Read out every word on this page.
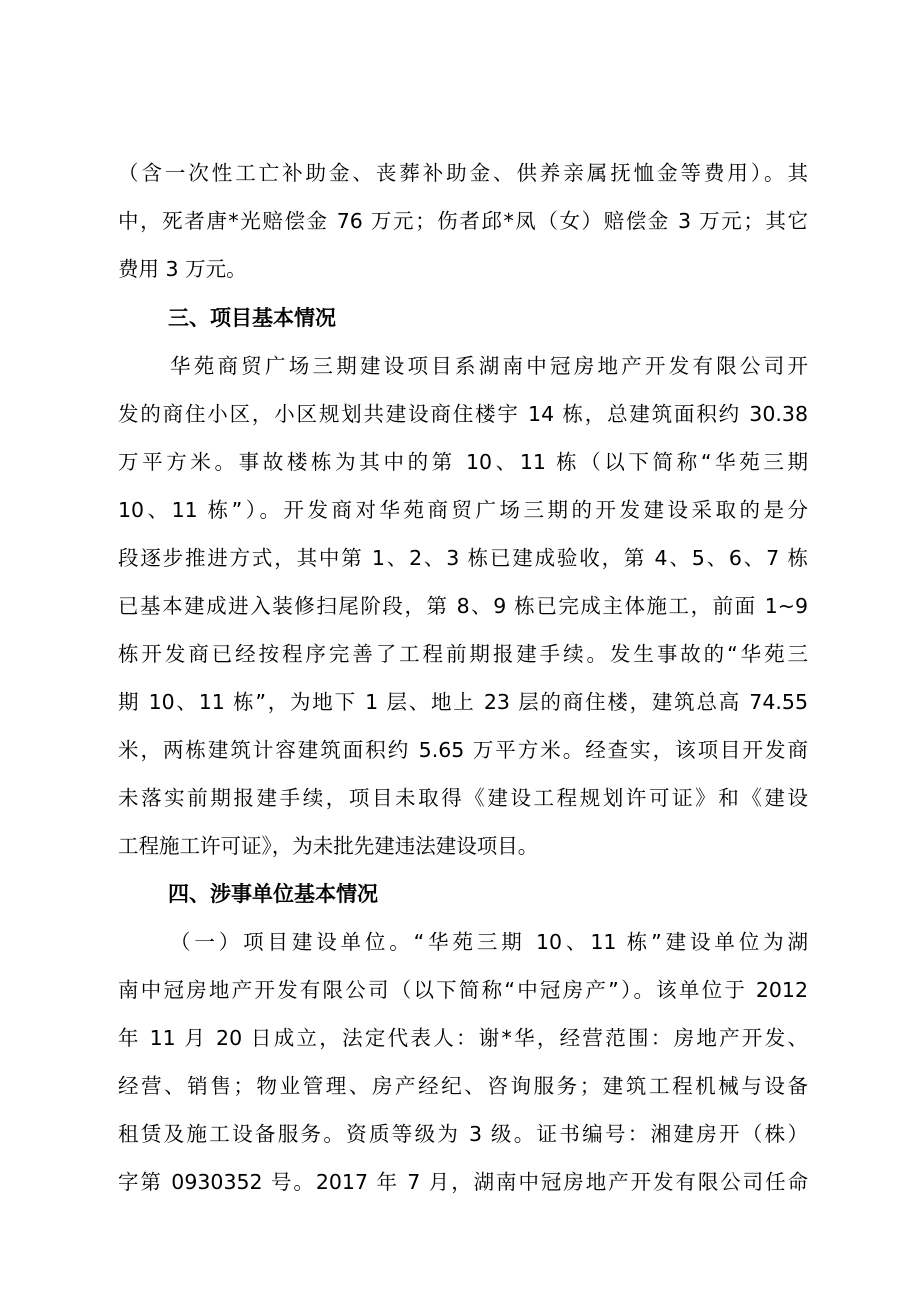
（含一次性工亡补助金、丧葬补助金、供养亲属抚恤金等费用）。其
中，死者唐*光赔偿金 76 万元；伤者邱*凤（女）赔偿金 3 万元；其它
费用 3 万元。
三、项目基本情况
华苑商贸广场三期建设项目系湖南中冠房地产开发有限公司开
发的商住小区，小区规划共建设商住楼宇 14 栋，总建筑面积约 30.38
万平方米。事故楼栋为其中的第 10、11 栋（以下简称“华苑三期
10、11 栋”）。开发商对华苑商贸广场三期的开发建设采取的是分
段逐步推进方式，其中第 1、2、3 栋已建成验收，第 4、5、6、7 栋
已基本建成进入装修扫尾阶段，第 8、9 栋已完成主体施工，前面 1~9
栋开发商已经按程序完善了工程前期报建手续。发生事故的“华苑三
期 10、11 栋”，为地下 1 层、地上 23 层的商住楼，建筑总高 74.55
米，两栋建筑计容建筑面积约 5.65 万平方米。经查实，该项目开发商
未落实前期报建手续，项目未取得《建设工程规划许可证》和《建设
工程施工许可证》，为未批先建违法建设项目。
四、涉事单位基本情况
（一）项目建设单位。“华苑三期 10、11 栋”建设单位为湖
南中冠房地产开发有限公司（以下简称“中冠房产”）。该单位于 2012
年 11 月 20 日成立，法定代表人：谢*华，经营范围：房地产开发、
经营、销售；物业管理、房产经纪、咨询服务；建筑工程机械与设备
租赁及施工设备服务。资质等级为 3 级。证书编号：湘建房开（株）
字第 0930352 号。2017 年 7 月，湖南中冠房地产开发有限公司任命
